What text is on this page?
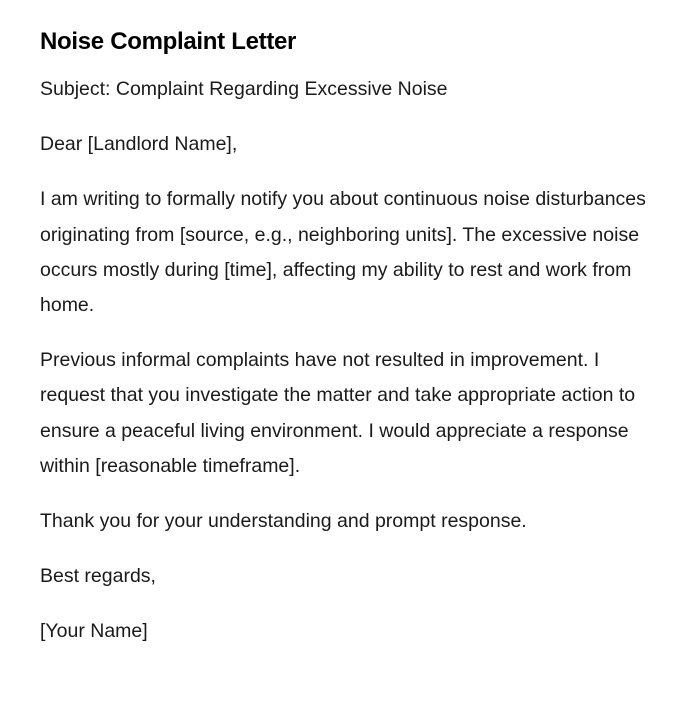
Noise Complaint Letter

Subject: Complaint Regarding Excessive Noise

Dear [Landlord Name],

I am writing to formally notify you about continuous noise disturbances originating from [source, e.g., neighboring units]. The excessive noise occurs mostly during [time], affecting my ability to rest and work from home.

Previous informal complaints have not resulted in improvement. I request that you investigate the matter and take appropriate action to ensure a peaceful living environment. I would appreciate a response within [reasonable timeframe].

Thank you for your understanding and prompt response.

Best regards,

[Your Name]
